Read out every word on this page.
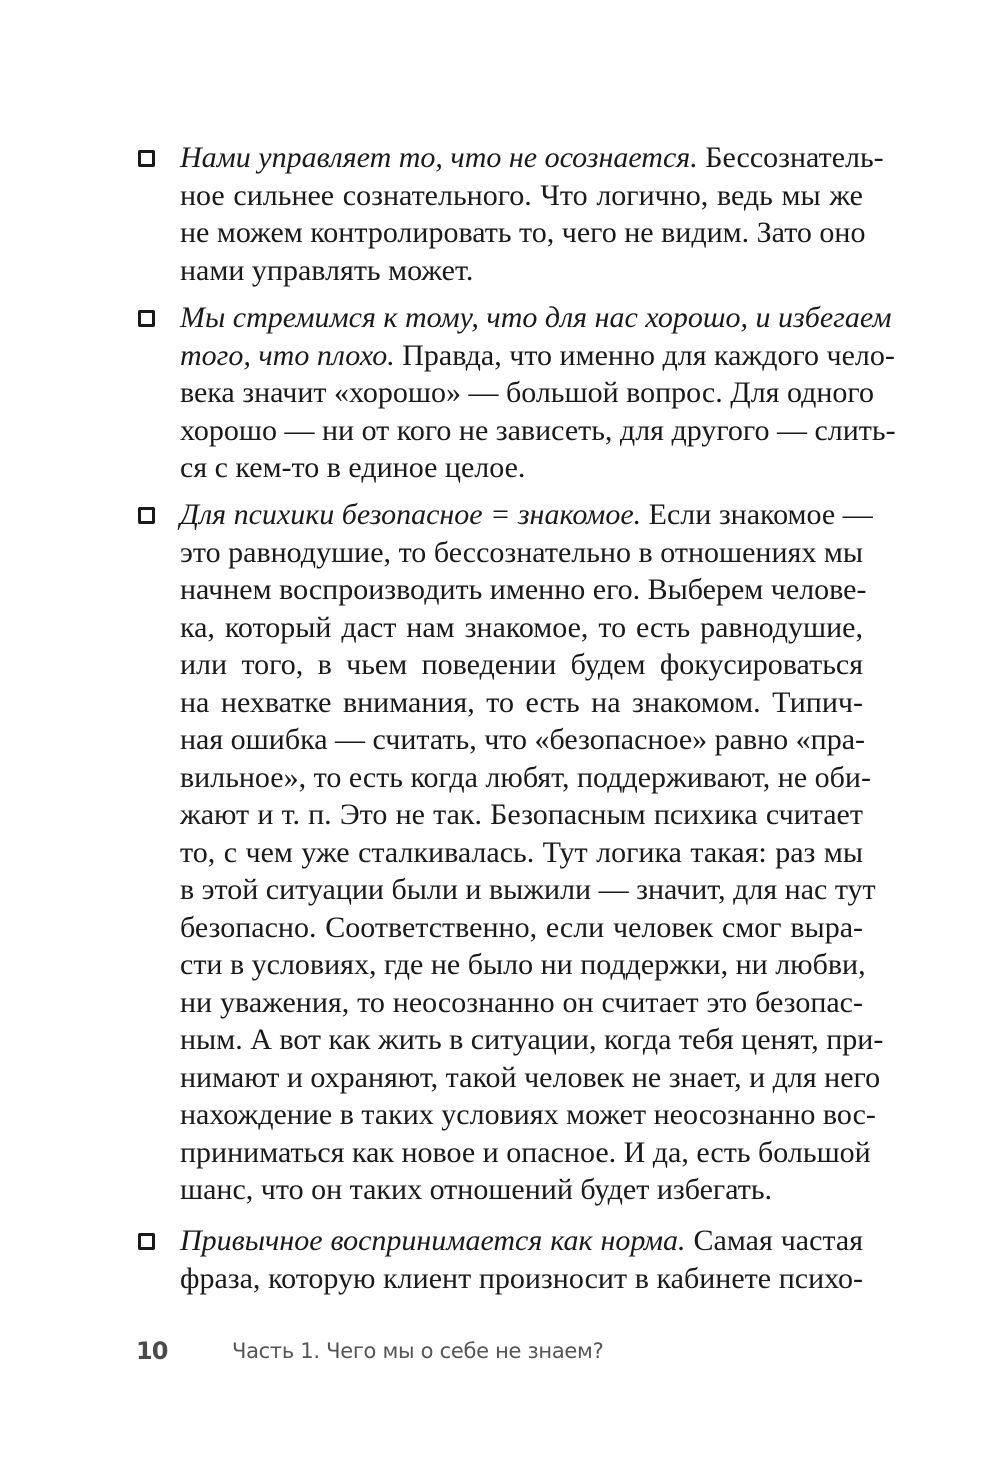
Нами управляет то, что не осознается. Бессознатель-
ное сильнее сознательного. Что логично, ведь мы же
не можем контролировать то, чего не видим. Зато оно
нами управлять может.
Мы стремимся к тому, что для нас хорошо, и избегаем
того, что плохо. Правда, что именно для каждого чело-
века значит «хорошо» — большой вопрос. Для одного
хорошо — ни от кого не зависеть, для другого — слить-
ся с кем-то в единое целое.
Для психики безопасное = знакомое. Если знакомое —
это равнодушие, то бессознательно в отношениях мы
начнем воспроизводить именно его. Выберем челове-
ка, который даст нам знакомое, то есть равнодушие,
или того, в чьем поведении будем фокусироваться
на нехватке внимания, то есть на знакомом. Типич-
ная ошибка — считать, что «безопасное» равно «пра-
вильное», то есть когда любят, поддерживают, не оби-
жают и т. п. Это не так. Безопасным психика считает
то, с чем уже сталкивалась. Тут логика такая: раз мы
в этой ситуации были и выжили — значит, для нас тут
безопасно. Соответственно, если человек смог выра-
сти в условиях, где не было ни поддержки, ни любви,
ни уважения, то неосознанно он считает это безопас-
ным. А вот как жить в ситуации, когда тебя ценят, при-
нимают и охраняют, такой человек не знает, и для него
нахождение в таких условиях может неосознанно вос-
приниматься как новое и опасное. И да, есть большой
шанс, что он таких отношений будет избегать.
Привычное воспринимается как норма. Самая частая
фраза, которую клиент произносит в кабинете психо-
10	Часть 1. Чего мы о себе не знаем?
